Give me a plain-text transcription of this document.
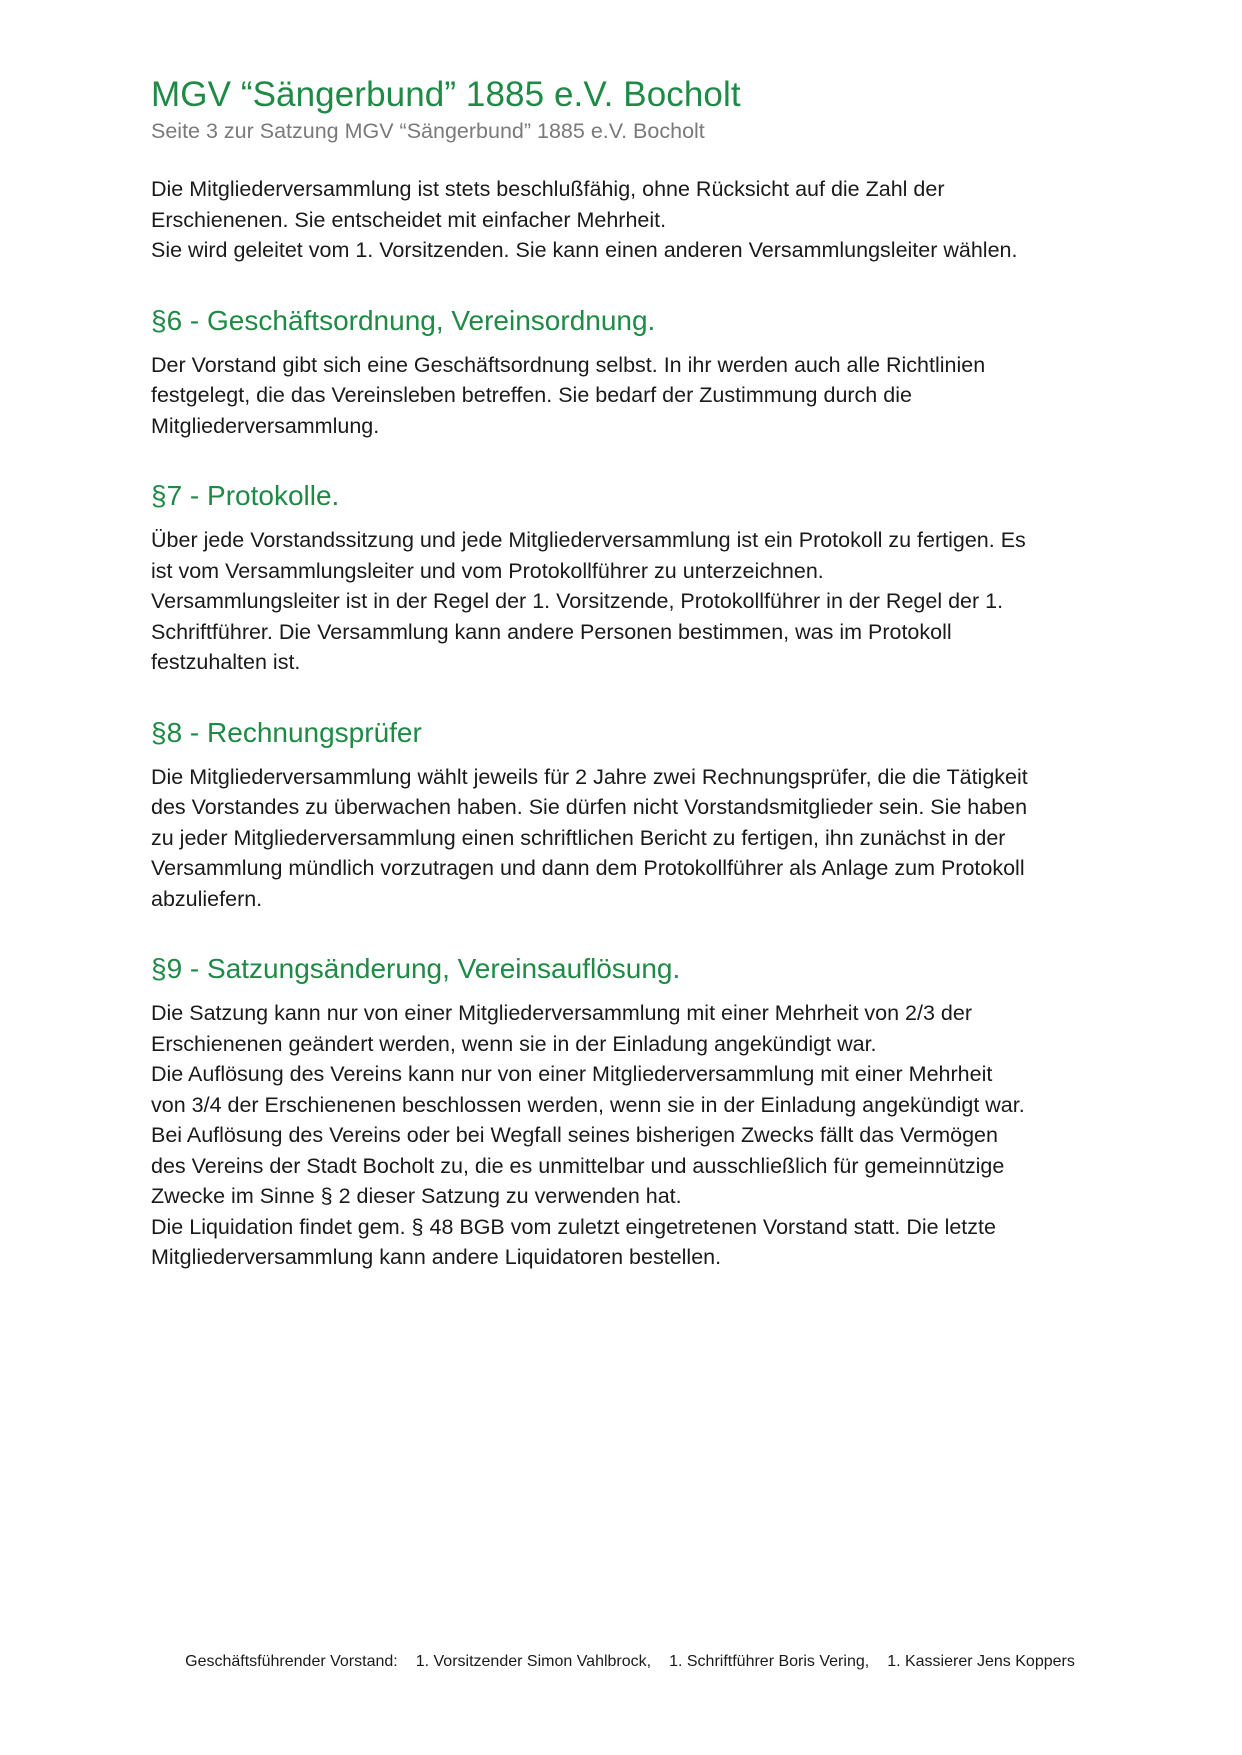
MGV “Sängerbund” 1885 e.V. Bocholt

Seite 3 zur Satzung MGV “Sängerbund” 1885 e.V. Bocholt

Die Mitgliederversammlung ist stets beschlußfähig, ohne Rücksicht auf die Zahl der

Erschienenen. Sie entscheidet mit einfacher Mehrheit.

Sie wird geleitet vom 1. Vorsitzenden. Sie kann einen anderen Versammlungsleiter wählen.

§6 - Geschäftsordnung, Vereinsordnung.
Der Vorstand gibt sich eine Geschäftsordnung selbst. In ihr werden auch alle Richtlinien
festgelegt, die das Vereinsleben betreffen. Sie bedarf der Zustimmung durch die
Mitgliederversammlung.
§7 - Protokolle.
Über jede Vorstandssitzung und jede Mitgliederversammlung ist ein Protokoll zu fertigen. Es
ist vom Versammlungsleiter und vom Protokollführer zu unterzeichnen.
Versammlungsleiter ist in der Regel der 1. Vorsitzende, Protokollführer in der Regel der 1.
Schriftführer. Die Versammlung kann andere Personen bestimmen, was im Protokoll
festzuhalten ist.
§8 - Rechnungsprüfer
Die Mitgliederversammlung wählt jeweils für 2 Jahre zwei Rechnungsprüfer, die die Tätigkeit
des Vorstandes zu überwachen haben. Sie dürfen nicht Vorstandsmitglieder sein. Sie haben
zu jeder Mitgliederversammlung einen schriftlichen Bericht zu fertigen, ihn zunächst in der
Versammlung mündlich vorzutragen und dann dem Protokollführer als Anlage zum Protokoll
abzuliefern.
§9 - Satzungsänderung, Vereinsauflösung.
Die Satzung kann nur von einer Mitgliederversammlung mit einer Mehrheit von 2/3 der
Erschienenen geändert werden, wenn sie in der Einladung angekündigt war.
Die Auflösung des Vereins kann nur von einer Mitgliederversammlung mit einer Mehrheit
von 3/4 der Erschienenen beschlossen werden, wenn sie in der Einladung angekündigt war.
Bei Auflösung des Vereins oder bei Wegfall seines bisherigen Zwecks fällt das Vermögen
des Vereins der Stadt Bocholt zu, die es unmittelbar und ausschließlich für gemeinnützige
Zwecke im Sinne § 2 dieser Satzung zu verwenden hat.
Die Liquidation findet gem. § 48 BGB vom zuletzt eingetretenen Vorstand statt. Die letzte
Mitgliederversammlung kann andere Liquidatoren bestellen.
Geschäftsführender Vorstand: 1. Vorsitzender Simon Vahlbrock, 1. Schriftführer Boris Vering, 1. Kassierer Jens Koppers
